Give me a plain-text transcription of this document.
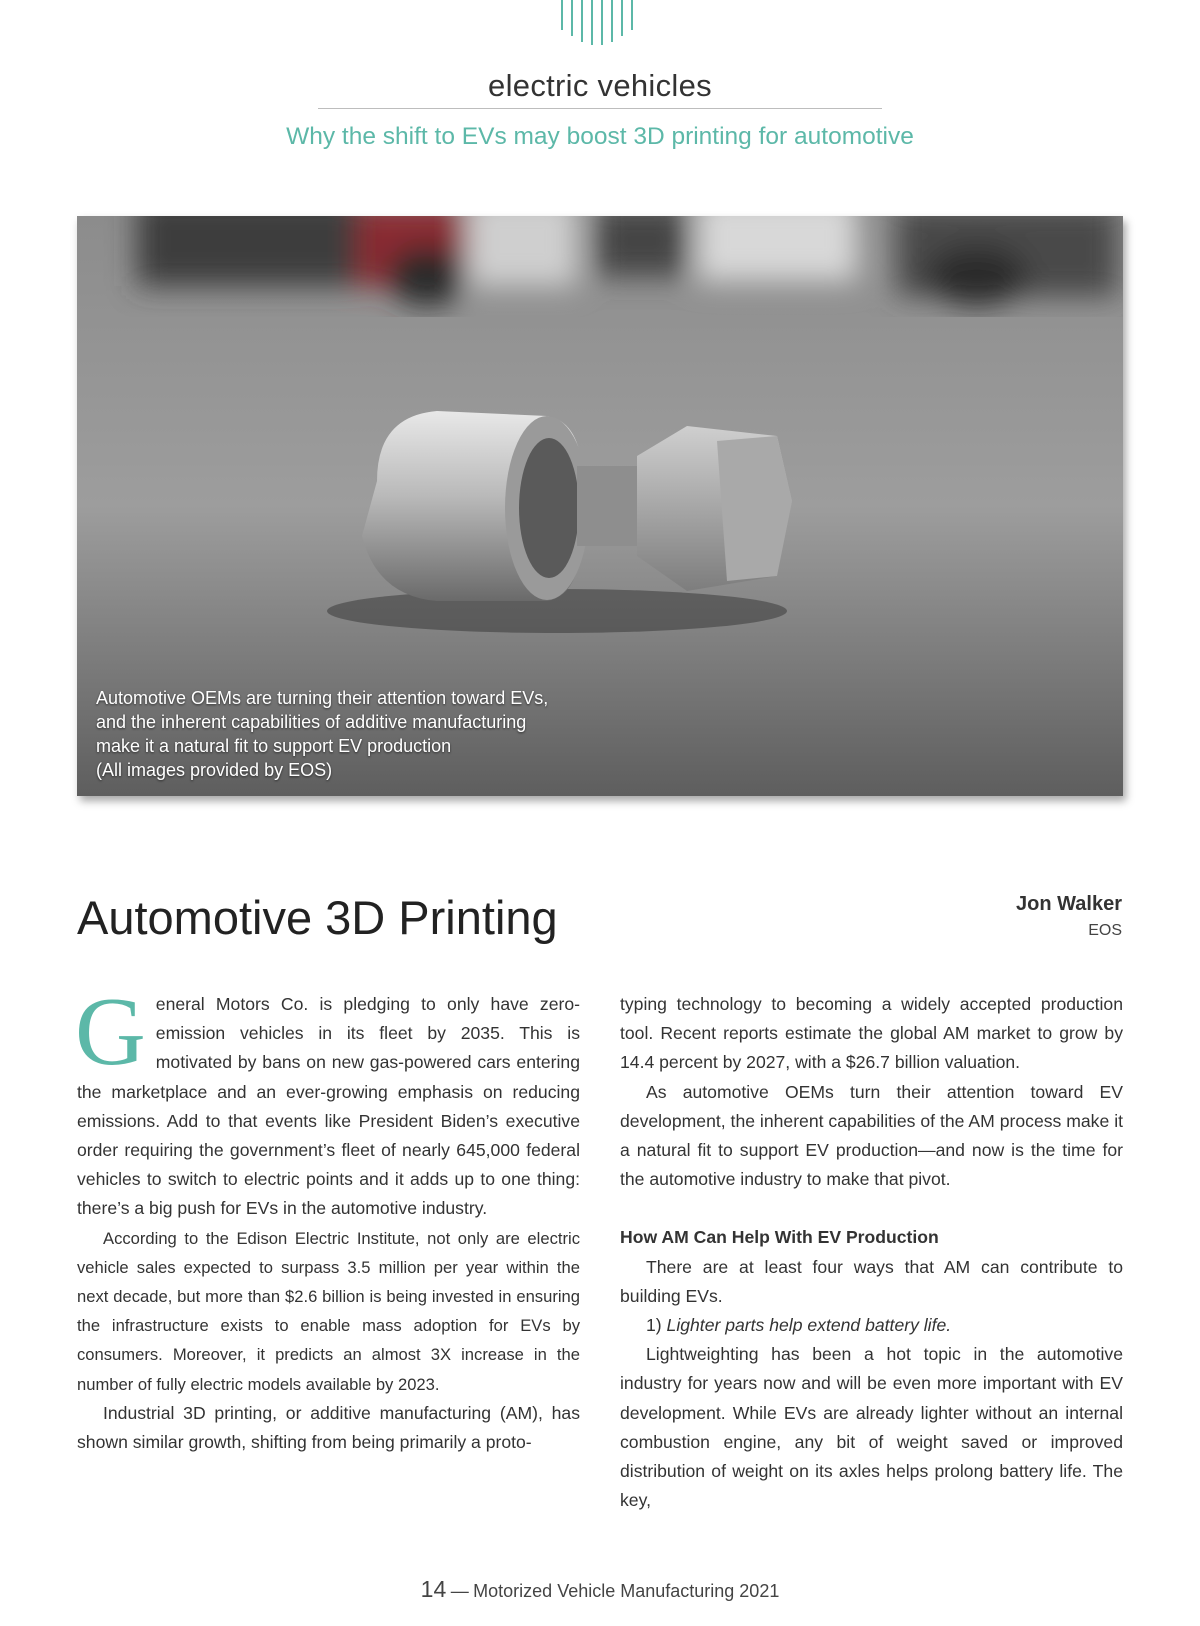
electric vehicles
Why the shift to EVs may boost 3D printing for automotive
Automotive OEMs are turning their attention toward EVs,
and the inherent capabilities of additive manufacturing
make it a natural fit to support EV production
(All images provided by EOS)
Automotive 3D Printing	Jon Walker
EOS

General Motors Co. is pledging to only have zero-emission vehicles in its fleet by 2035. This is motivated by bans on new gas-powered cars entering the marketplace and an ever-growing emphasis on reducing emissions. Add to that events like President Biden’s executive order requiring the government’s fleet of nearly 645,000 federal vehicles to switch to electric points and it adds up to one thing: there’s a big push for EVs in the automotive industry.

According to the Edison Electric Institute, not only are electric vehicle sales expected to surpass 3.5 million per year within the next decade, but more than $2.6 billion is being invested in ensuring the infrastructure exists to enable mass adoption for EVs by consumers. Moreover, it predicts an almost 3X increase in the number of fully electric models available by 2023.

Industrial 3D printing, or additive manufacturing (AM), has shown similar growth, shifting from being primarily a proto-

typing technology to becoming a widely accepted production tool. Recent reports estimate the global AM market to grow by 14.4 percent by 2027, with a $26.7 billion valuation.

As automotive OEMs turn their attention toward EV development, the inherent capabilities of the AM process make it a natural fit to support EV production—and now is the time for the automotive industry to make that pivot.

How AM Can Help With EV Production

There are at least four ways that AM can contribute to building EVs.

1) Lighter parts help extend battery life.

Lightweighting has been a hot topic in the automotive industry for years now and will be even more important with EV development. While EVs are already lighter without an internal combustion engine, any bit of weight saved or improved distribution of weight on its axles helps prolong battery life. The key,

14 — Motorized Vehicle Manufacturing 2021
